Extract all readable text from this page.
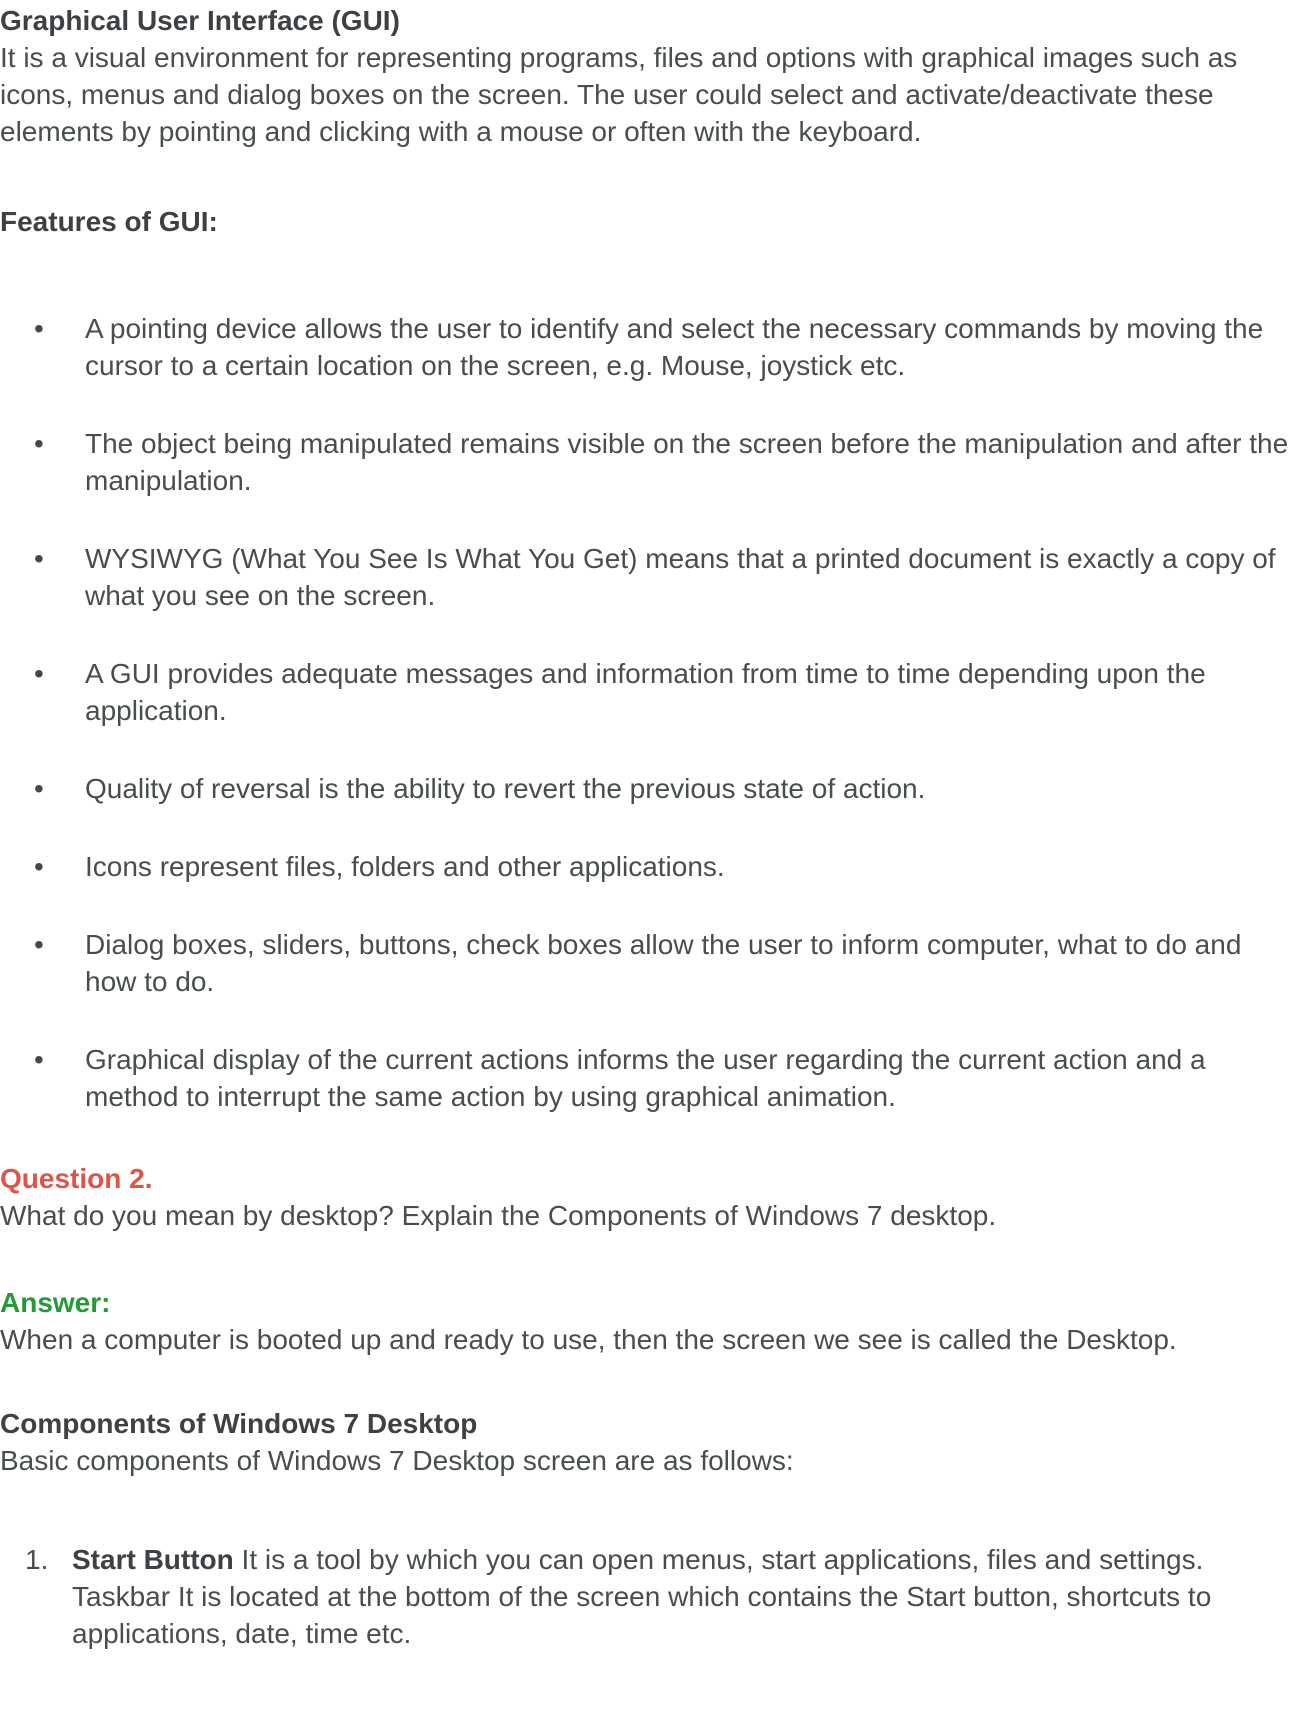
Graphical User Interface (GUI)

It is a visual environment for representing programs, files and options with graphical images such as icons, menus and dialog boxes on the screen. The user could select and activate/deactivate these elements by pointing and clicking with a mouse or often with the keyboard.

Features of GUI:

•	A pointing device allows the user to identify and select the necessary commands by moving the cursor to a certain location on the screen, e.g. Mouse, joystick etc.
•	The object being manipulated remains visible on the screen before the manipulation and after the manipulation.
•	WYSIWYG (What You See Is What You Get) means that a printed document is exactly a copy of what you see on the screen.
•	A GUI provides adequate messages and information from time to time depending upon the application.
•	Quality of reversal is the ability to revert the previous state of action.
•	Icons represent files, folders and other applications.
•	Dialog boxes, sliders, buttons, check boxes allow the user to inform computer, what to do and how to do.
•	Graphical display of the current actions informs the user regarding the current action and a method to interrupt the same action by using graphical animation.

Question 2.

What do you mean by desktop? Explain the Components of Windows 7 desktop.

Answer:

When a computer is booted up and ready to use, then the screen we see is called the Desktop.

Components of Windows 7 Desktop

Basic components of Windows 7 Desktop screen are as follows:

1. Start Button It is a tool by which you can open menus, start applications, files and settings.
Taskbar It is located at the bottom of the screen which contains the Start button, shortcuts to applications, date, time etc.
